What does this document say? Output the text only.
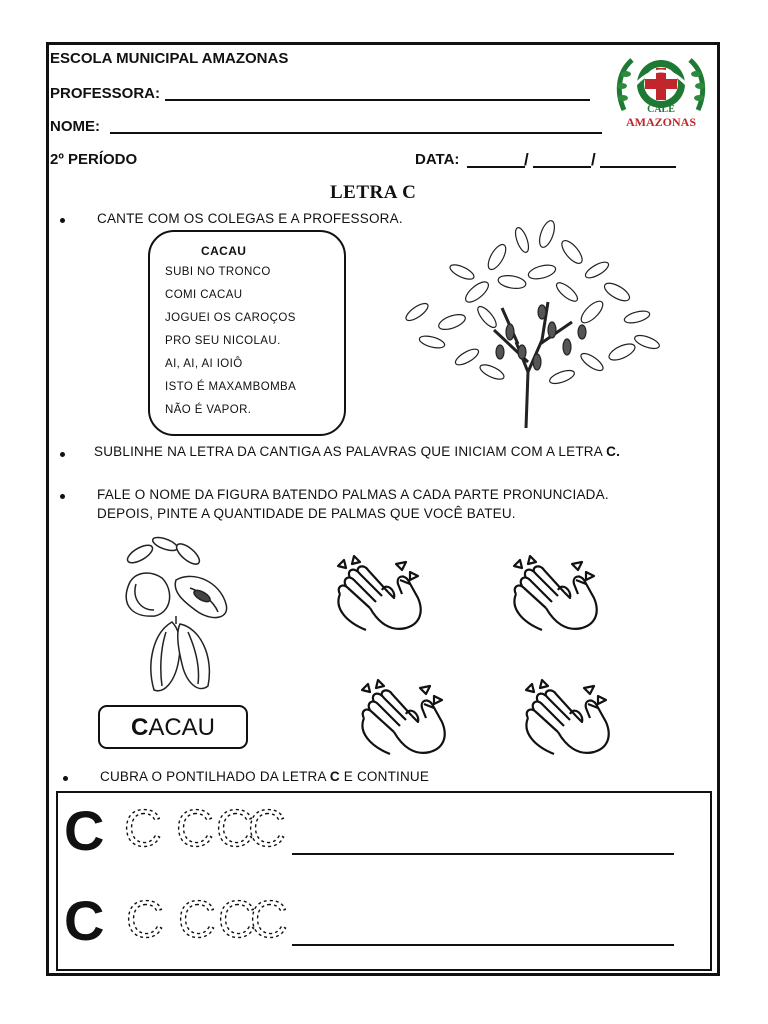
ESCOLA MUNICIPAL AMAZONAS
PROFESSORA:
NOME:
2º PERÍODO	DATA:	/	/
CALE
AMAZONAS
LETRA C
CANTE COM OS COLEGAS E A PROFESSORA.
CACAU
SUBI NO TRONCO
COMI CACAU
JOGUEI OS CAROÇOS
PRO SEU NICOLAU.
AI, AI, AI IOIÔ
ISTO É MAXAMBOMBA
NÃO É VAPOR.
SUBLINHE NA LETRA DA CANTIGA AS PALAVRAS QUE INICIAM COM A LETRA C.
FALE O NOME DA FIGURA BATENDO PALMAS A CADA PARTE PRONUNCIADA.
DEPOIS, PINTE A QUANTIDADE DE PALMAS QUE VOCÊ BATEU.
CACAU
CUBRA O PONTILHADO DA LETRA C E CONTINUE
C
C
C C C
C
C C C
C
